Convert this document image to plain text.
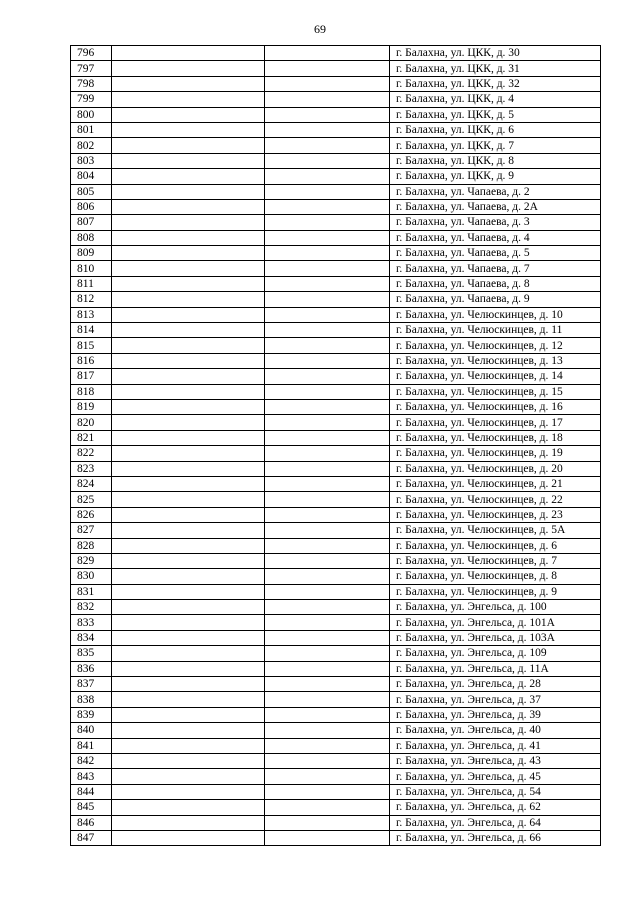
69
796			г. Балахна, ул. ЦКК, д. 30
797			г. Балахна, ул. ЦКК, д. 31
798			г. Балахна, ул. ЦКК, д. 32
799			г. Балахна, ул. ЦКК, д. 4
800			г. Балахна, ул. ЦКК, д. 5
801			г. Балахна, ул. ЦКК, д. 6
802			г. Балахна, ул. ЦКК, д. 7
803			г. Балахна, ул. ЦКК, д. 8
804			г. Балахна, ул. ЦКК, д. 9
805			г. Балахна, ул. Чапаева, д. 2
806			г. Балахна, ул. Чапаева, д. 2А
807			г. Балахна, ул. Чапаева, д. 3
808			г. Балахна, ул. Чапаева, д. 4
809			г. Балахна, ул. Чапаева, д. 5
810			г. Балахна, ул. Чапаева, д. 7
811			г. Балахна, ул. Чапаева, д. 8
812			г. Балахна, ул. Чапаева, д. 9
813			г. Балахна, ул. Челюскинцев, д. 10
814			г. Балахна, ул. Челюскинцев, д. 11
815			г. Балахна, ул. Челюскинцев, д. 12
816			г. Балахна, ул. Челюскинцев, д. 13
817			г. Балахна, ул. Челюскинцев, д. 14
818			г. Балахна, ул. Челюскинцев, д. 15
819			г. Балахна, ул. Челюскинцев, д. 16
820			г. Балахна, ул. Челюскинцев, д. 17
821			г. Балахна, ул. Челюскинцев, д. 18
822			г. Балахна, ул. Челюскинцев, д. 19
823			г. Балахна, ул. Челюскинцев, д. 20
824			г. Балахна, ул. Челюскинцев, д. 21
825			г. Балахна, ул. Челюскинцев, д. 22
826			г. Балахна, ул. Челюскинцев, д. 23
827			г. Балахна, ул. Челюскинцев, д. 5А
828			г. Балахна, ул. Челюскинцев, д. 6
829			г. Балахна, ул. Челюскинцев, д. 7
830			г. Балахна, ул. Челюскинцев, д. 8
831			г. Балахна, ул. Челюскинцев, д. 9
832			г. Балахна, ул. Энгельса, д. 100
833			г. Балахна, ул. Энгельса, д. 101А
834			г. Балахна, ул. Энгельса, д. 103А
835			г. Балахна, ул. Энгельса, д. 109
836			г. Балахна, ул. Энгельса, д. 11А
837			г. Балахна, ул. Энгельса, д. 28
838			г. Балахна, ул. Энгельса, д. 37
839			г. Балахна, ул. Энгельса, д. 39
840			г. Балахна, ул. Энгельса, д. 40
841			г. Балахна, ул. Энгельса, д. 41
842			г. Балахна, ул. Энгельса, д. 43
843			г. Балахна, ул. Энгельса, д. 45
844			г. Балахна, ул. Энгельса, д. 54
845			г. Балахна, ул. Энгельса, д. 62
846			г. Балахна, ул. Энгельса, д. 64
847			г. Балахна, ул. Энгельса, д. 66
